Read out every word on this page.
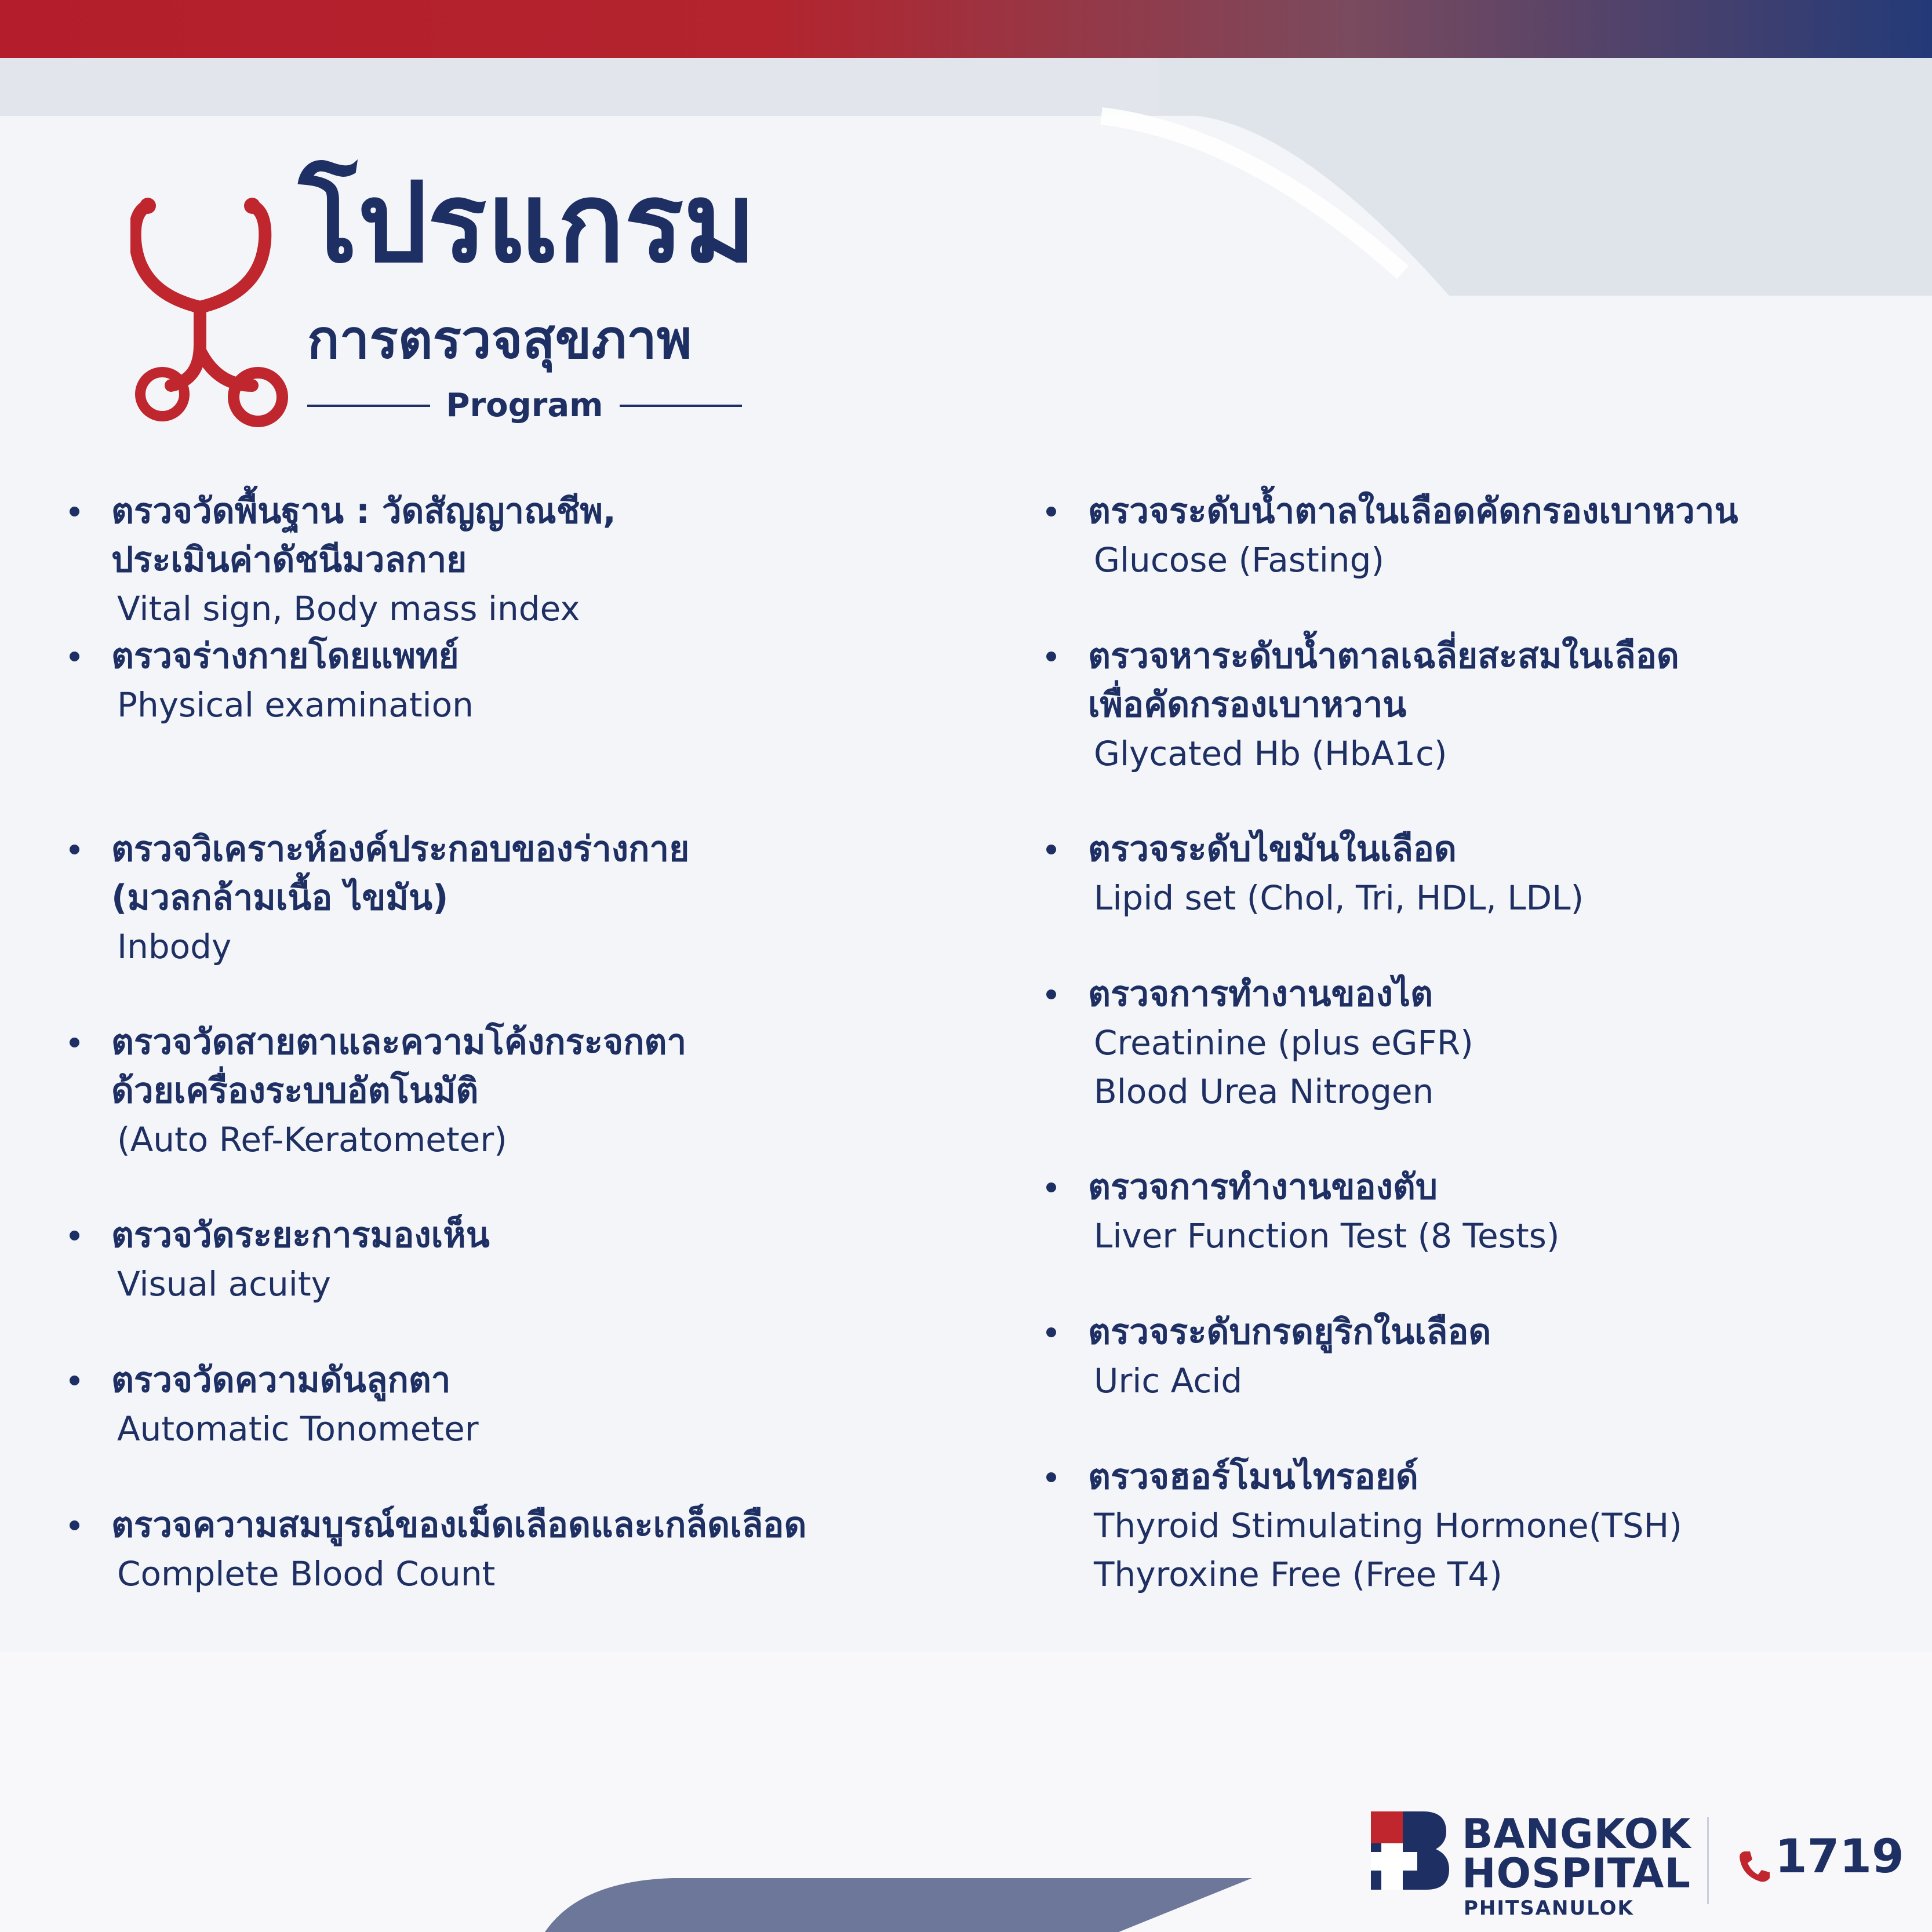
โปรแกรม
การตรวจสุขภาพ
Program
ตรวจวัดพื้นฐาน : วัดสัญญาณชีพ,
ประเมินค่าดัชนีมวลกาย
Vital sign, Body mass index
ตรวจร่างกายโดยแพทย์
Physical examination
ตรวจวิเคราะห์องค์ประกอบของร่างกาย
(มวลกล้ามเนื้อ ไขมัน)
Inbody
ตรวจวัดสายตาและความโค้งกระจกตา
ด้วยเครื่องระบบอัตโนมัติ
(Auto Ref-Keratometer)
ตรวจวัดระยะการมองเห็น
Visual acuity
ตรวจวัดความดันลูกตา
Automatic Tonometer
ตรวจความสมบูรณ์ของเม็ดเลือดและเกล็ดเลือด
Complete Blood Count
ตรวจระดับน้ำตาลในเลือดคัดกรองเบาหวาน
Glucose (Fasting)
ตรวจหาระดับน้ำตาลเฉลี่ยสะสมในเลือด
เพื่อคัดกรองเบาหวาน
Glycated Hb (HbA1c)
ตรวจระดับไขมันในเลือด
Lipid set (Chol, Tri, HDL, LDL)
ตรวจการทำงานของไต
Creatinine (plus eGFR)
Blood Urea Nitrogen
ตรวจการทำงานของตับ
Liver Function Test (8 Tests)
ตรวจระดับกรดยูริกในเลือด
Uric Acid
ตรวจฮอร์โมนไทรอยด์
Thyroid Stimulating Hormone(TSH)
Thyroxine Free (Free T4)
BANGKOK
HOSPITAL
PHITSANULOK
1719
